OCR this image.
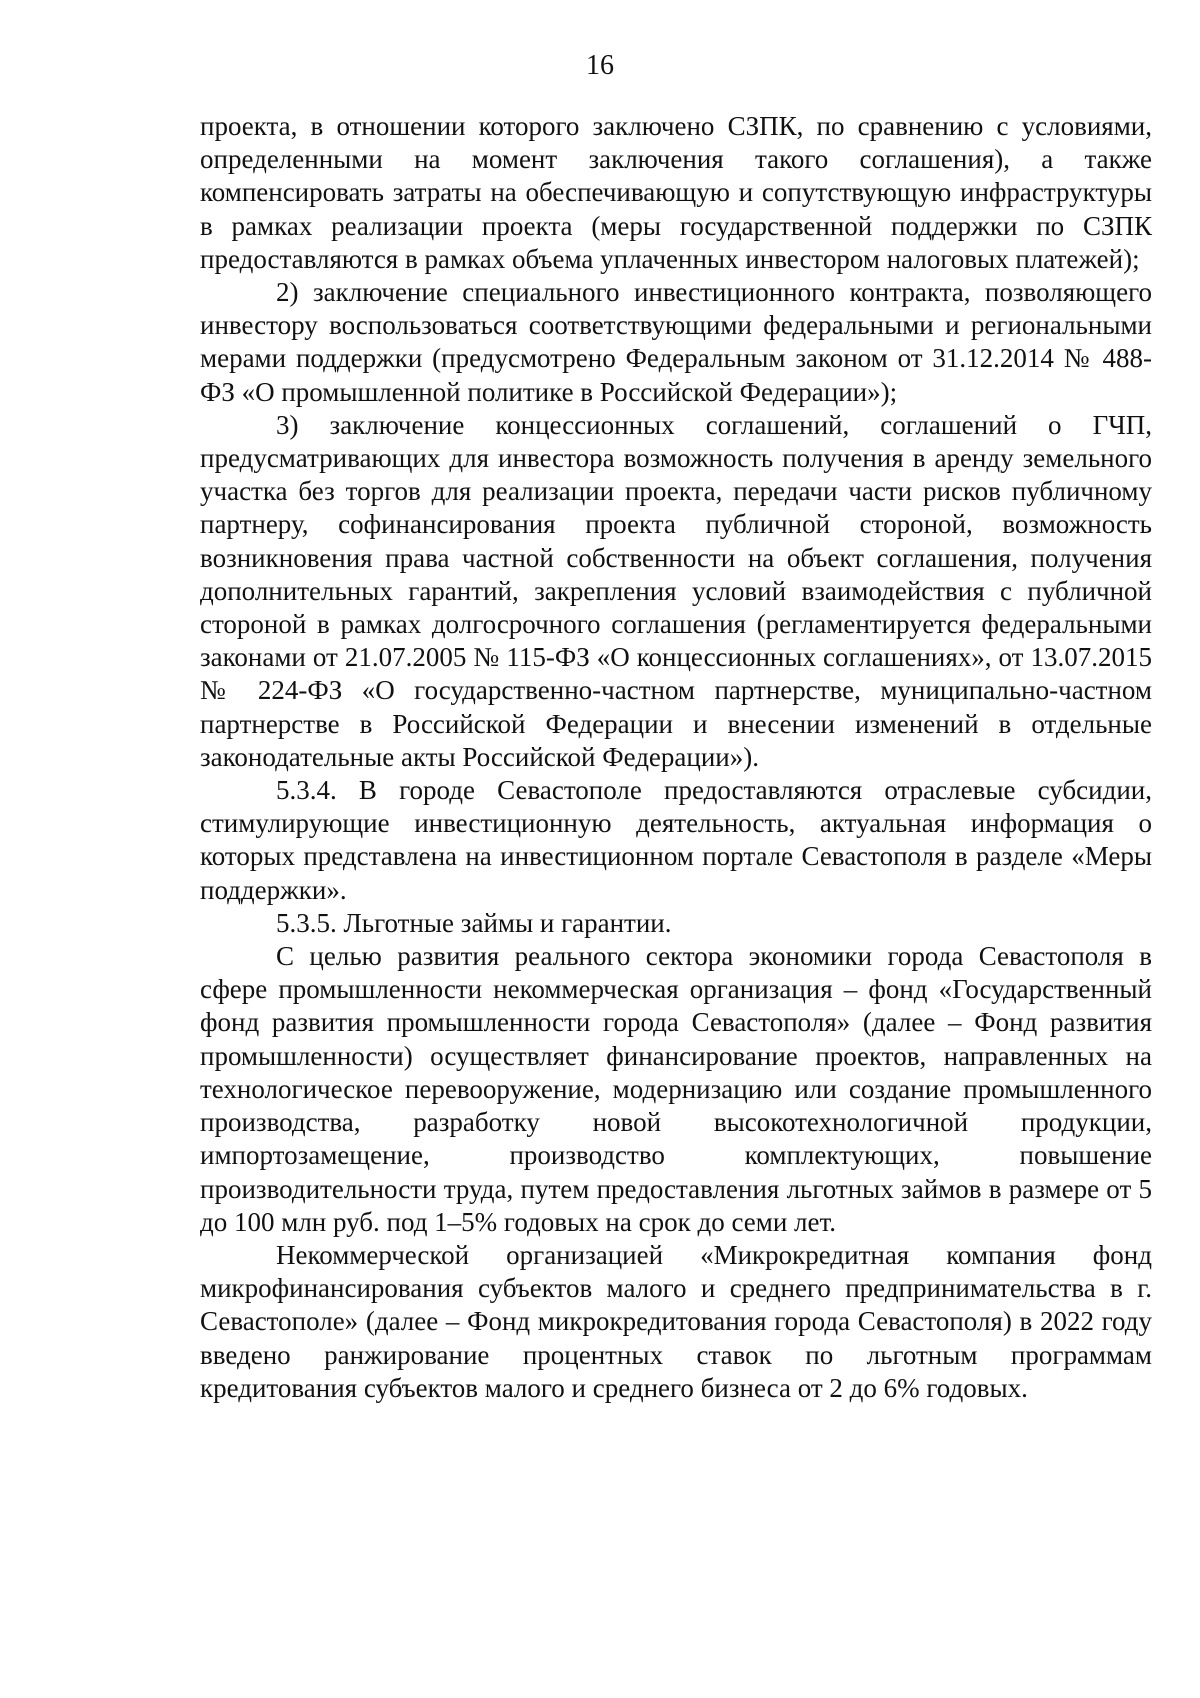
16

проекта, в отношении которого заключено СЗПК, по сравнению с условиями, определенными на момент заключения такого соглашения), а также компенсировать затраты на обеспечивающую и сопутствующую инфраструктуры в рамках реализации проекта (меры государственной поддержки по СЗПК предоставляются в рамках объема уплаченных инвестором налоговых платежей);

2) заключение специального инвестиционного контракта, позволяющего инвестору воспользоваться соответствующими федеральными и региональными мерами поддержки (предусмотрено Федеральным законом от 31.12.2014 № 488-ФЗ «О промышленной политике в Российской Федерации»);

3) заключение концессионных соглашений, соглашений о ГЧП, предусматривающих для инвестора возможность получения в аренду земельного участка без торгов для реализации проекта, передачи части рисков публичному партнеру, софинансирования проекта публичной стороной, возможность возникновения права частной собственности на объект соглашения, получения дополнительных гарантий, закрепления условий взаимодействия с публичной стороной в рамках долгосрочного соглашения (регламентируется федеральными законами от 21.07.2005 № 115-ФЗ «О концессионных соглашениях», от 13.07.2015 № 224-ФЗ «О государственно-частном партнерстве, муниципально-частном партнерстве в Российской Федерации и внесении изменений в отдельные законодательные акты Российской Федерации»).

5.3.4. В городе Севастополе предоставляются отраслевые субсидии, стимулирующие инвестиционную деятельность, актуальная информация о которых представлена на инвестиционном портале Севастополя в разделе «Меры поддержки».

5.3.5. Льготные займы и гарантии.

С целью развития реального сектора экономики города Севастополя в сфере промышленности некоммерческая организация – фонд «Государственный фонд развития промышленности города Севастополя» (далее – Фонд развития промышленности) осуществляет финансирование проектов, направленных на технологическое перевооружение, модернизацию или создание промышленного производства, разработку новой высокотехнологичной продукции, импортозамещение, производство комплектующих, повышение производительности труда, путем предоставления льготных займов в размере от 5 до 100 млн руб. под 1–5% годовых на срок до семи лет.

Некоммерческой организацией «Микрокредитная компания фонд микрофинансирования субъектов малого и среднего предпринимательства в г. Севастополе» (далее – Фонд микрокредитования города Севастополя) в 2022 году введено ранжирование процентных ставок по льготным программам кредитования субъектов малого и среднего бизнеса от 2 до 6% годовых.
